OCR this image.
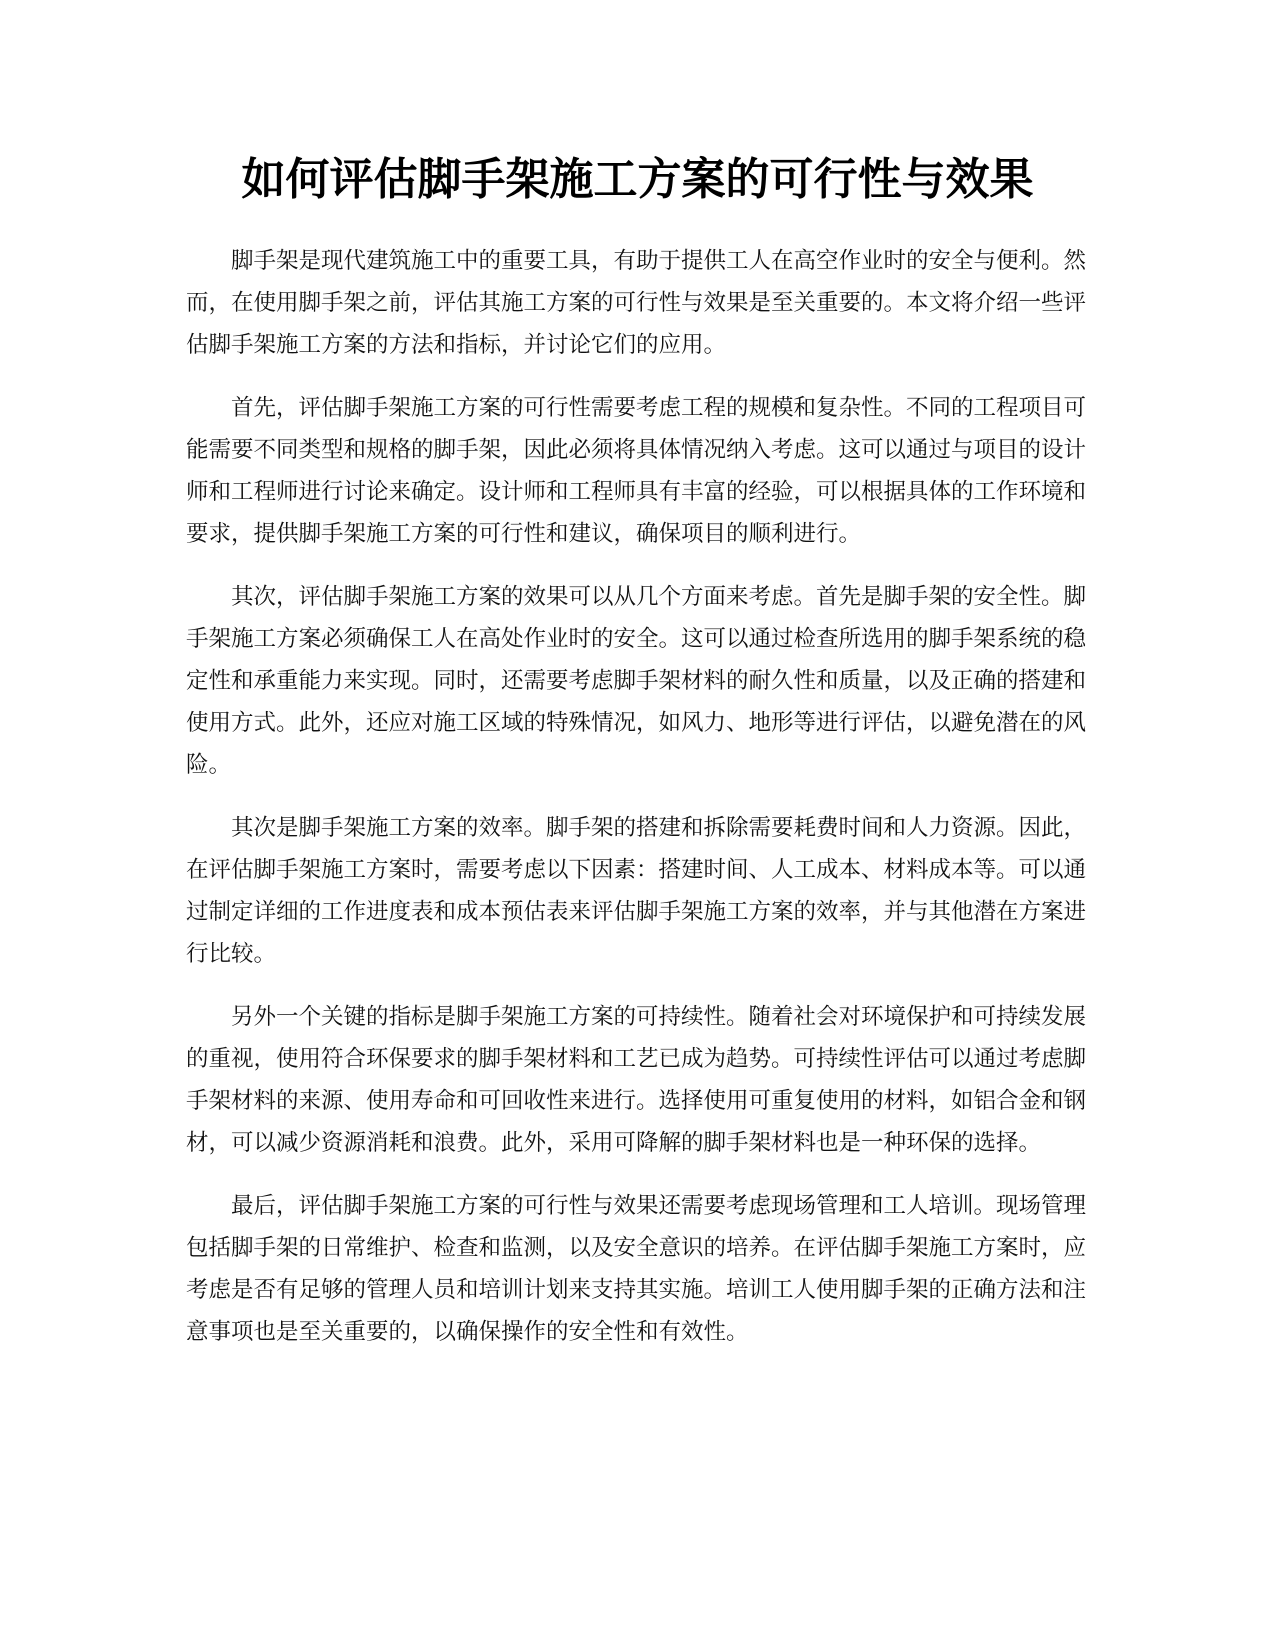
如何评估脚手架施工方案的可行性与效果

脚手架是现代建筑施工中的重要工具，有助于提供工人在高空作业时的安全与便利。然而，在使用脚手架之前，评估其施工方案的可行性与效果是至关重要的。本文将介绍一些评估脚手架施工方案的方法和指标，并讨论它们的应用。

首先，评估脚手架施工方案的可行性需要考虑工程的规模和复杂性。不同的工程项目可能需要不同类型和规格的脚手架，因此必须将具体情况纳入考虑。这可以通过与项目的设计师和工程师进行讨论来确定。设计师和工程师具有丰富的经验，可以根据具体的工作环境和要求，提供脚手架施工方案的可行性和建议，确保项目的顺利进行。

其次，评估脚手架施工方案的效果可以从几个方面来考虑。首先是脚手架的安全性。脚手架施工方案必须确保工人在高处作业时的安全。这可以通过检查所选用的脚手架系统的稳定性和承重能力来实现。同时，还需要考虑脚手架材料的耐久性和质量，以及正确的搭建和使用方式。此外，还应对施工区域的特殊情况，如风力、地形等进行评估，以避免潜在的风险。

其次是脚手架施工方案的效率。脚手架的搭建和拆除需要耗费时间和人力资源。因此，在评估脚手架施工方案时，需要考虑以下因素：搭建时间、人工成本、材料成本等。可以通过制定详细的工作进度表和成本预估表来评估脚手架施工方案的效率，并与其他潜在方案进行比较。

另外一个关键的指标是脚手架施工方案的可持续性。随着社会对环境保护和可持续发展的重视，使用符合环保要求的脚手架材料和工艺已成为趋势。可持续性评估可以通过考虑脚手架材料的来源、使用寿命和可回收性来进行。选择使用可重复使用的材料，如铝合金和钢材，可以减少资源消耗和浪费。此外，采用可降解的脚手架材料也是一种环保的选择。

最后，评估脚手架施工方案的可行性与效果还需要考虑现场管理和工人培训。现场管理包括脚手架的日常维护、检查和监测，以及安全意识的培养。在评估脚手架施工方案时，应考虑是否有足够的管理人员和培训计划来支持其实施。培训工人使用脚手架的正确方法和注意事项也是至关重要的，以确保操作的安全性和有效性。
